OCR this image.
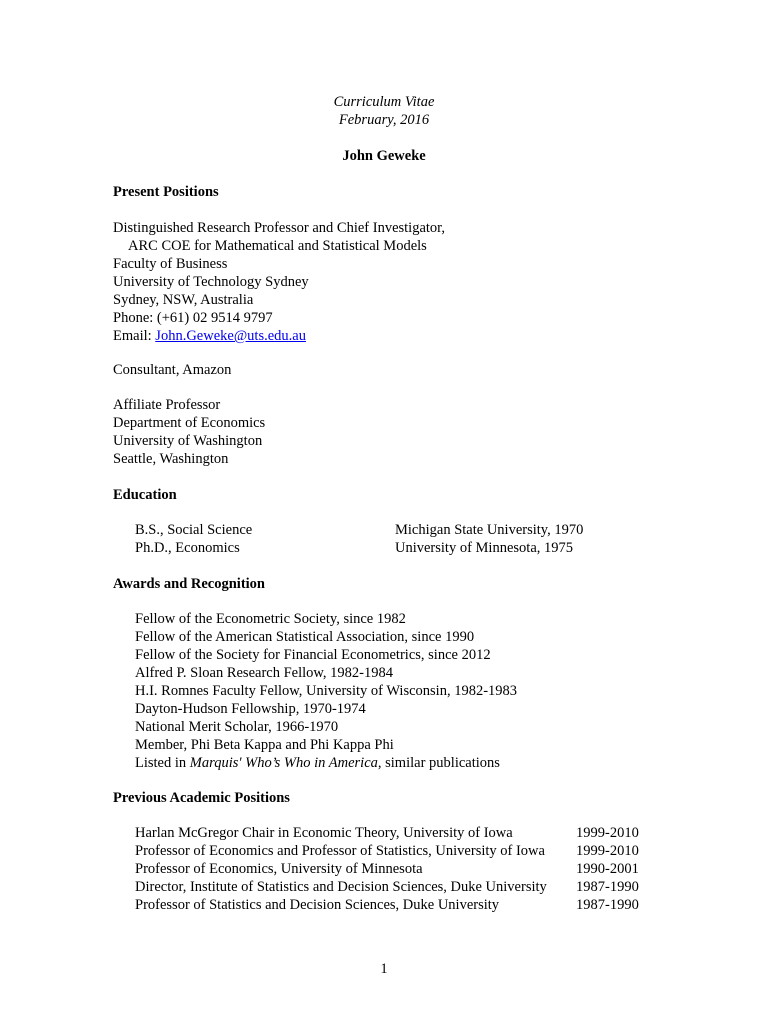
Curriculum Vitae
February, 2016
John Geweke
Present Positions
Distinguished Research Professor and Chief Investigator,
ARC COE for Mathematical and Statistical Models
Faculty of Business
University of Technology Sydney
Sydney, NSW, Australia
Phone: (+61) 02 9514 9797
Email: John.Geweke@uts.edu.au
Consultant, Amazon
Affiliate Professor
Department of Economics
University of Washington
Seattle, Washington
Education
B.S., Social Science	Michigan State University, 1970
Ph.D., Economics	University of Minnesota, 1975
Awards and Recognition
Fellow of the Econometric Society, since 1982
Fellow of the American Statistical Association, since 1990
Fellow of the Society for Financial Econometrics, since 2012
Alfred P. Sloan Research Fellow, 1982-1984
H.I. Romnes Faculty Fellow, University of Wisconsin, 1982-1983
Dayton-Hudson Fellowship, 1970-1974
National Merit Scholar, 1966-1970
Member, Phi Beta Kappa and Phi Kappa Phi
Listed in Marquis' Who’s Who in America, similar publications
Previous Academic Positions
Harlan McGregor Chair in Economic Theory, University of Iowa	1999-2010
Professor of Economics and Professor of Statistics, University of Iowa 1999-2010
Professor of Economics, University of Minnesota	1990-2001
Director, Institute of Statistics and Decision Sciences, Duke University 1987-1990
Professor of Statistics and Decision Sciences, Duke University	1987-1990
1
